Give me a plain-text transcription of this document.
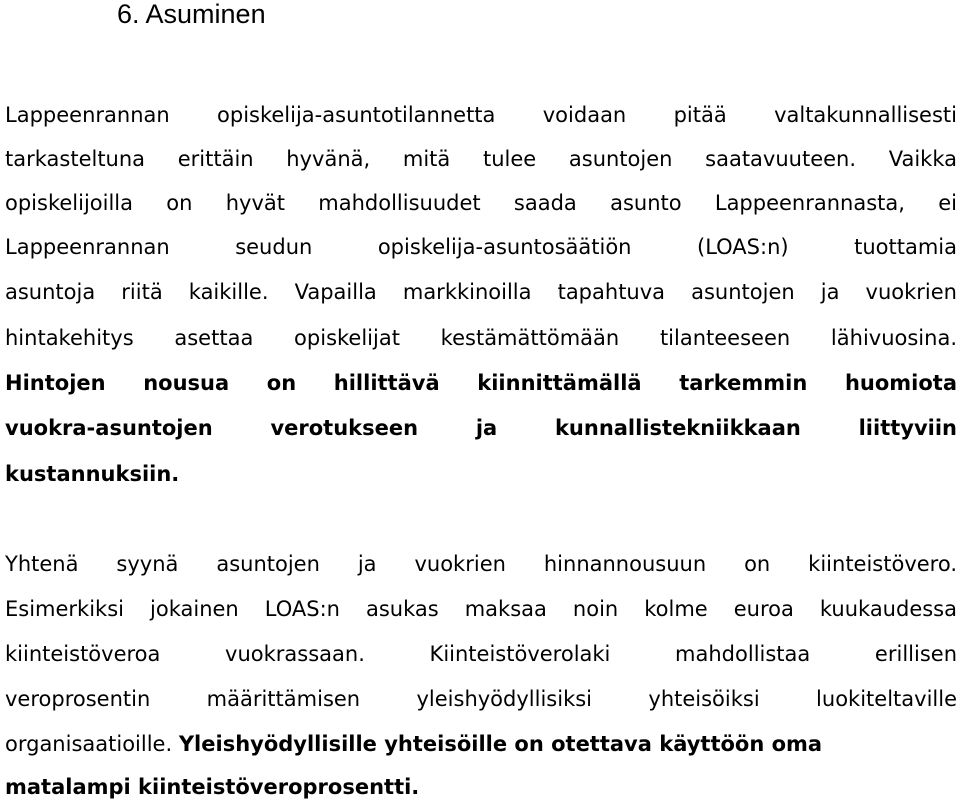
6. Asuminen
Lappeenrannan opiskelija-asuntotilannetta voidaan pitää valtakunnallisesti
tarkasteltuna erittäin hyvänä, mitä tulee asuntojen saatavuuteen. Vaikka
opiskelijoilla on hyvät mahdollisuudet saada asunto Lappeenrannasta, ei
Lappeenrannan seudun opiskelija-asuntosäätiön (LOAS:n) tuottamia
asuntoja riitä kaikille. Vapailla markkinoilla tapahtuva asuntojen ja vuokrien
hintakehitys asettaa opiskelijat kestämättömään tilanteeseen lähivuosina.
Hintojen nousua on hillittävä kiinnittämällä tarkemmin huomiota
vuokra-asuntojen verotukseen ja kunnallistekniikkaan liittyviin
kustannuksiin.
Yhtenä syynä asuntojen ja vuokrien hinnannousuun on kiinteistövero.
Esimerkiksi jokainen LOAS:n asukas maksaa noin kolme euroa kuukaudessa
kiinteistöveroa vuokrassaan. Kiinteistöverolaki mahdollistaa erillisen
veroprosentin määrittämisen yleishyödyllisiksi yhteisöiksi luokiteltaville
organisaatioille. Yleishyödyllisille yhteisöille on otettava käyttöön oma
matalampi kiinteistöveroprosentti.
